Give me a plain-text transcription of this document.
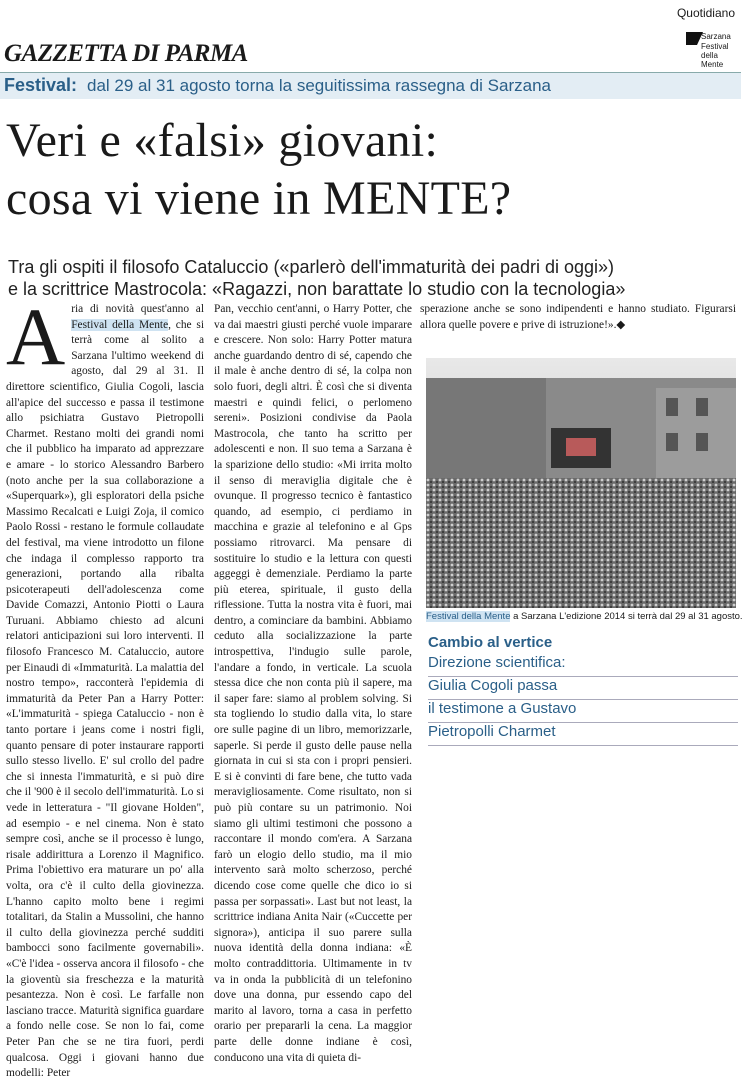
Quotidiano
GAZZETTA DI PARMA
Sarzana
Festival
della Mente
Festival: dal 29 al 31 agosto torna la seguitissima rassegna di Sarzana
Veri e «falsi» giovani:
cosa vi viene in MENTE?
Tra gli ospiti il filosofo Cataluccio («parlerò dell'immaturità dei padri di oggi»)
e la scrittrice Mastrocola: «Ragazzi, non barattate lo studio con la tecnologia»
Aria di novità quest'anno al Festival della Mente, che si terrà come al solito a Sarzana l'ultimo weekend di agosto, dal 29 al 31. Il direttore scientifico, Giulia Cogoli, lascia all'apice del successo e passa il testimone allo psichiatra Gustavo Pietropolli Charmet. Restano molti dei grandi nomi che il pubblico ha imparato ad apprezzare e amare - lo storico Alessandro Barbero (noto anche per la sua collaborazione a «Superquark»), gli esploratori della psiche Massimo Recalcati e Luigi Zoja, il comico Paolo Rossi - restano le formule collaudate del festival, ma viene introdotto un filone che indaga il complesso rapporto tra generazioni, portando alla ribalta psicoterapeuti dell'adolescenza come Davide Comazzi, Antonio Piotti o Laura Turuani. Abbiamo chiesto ad alcuni relatori anticipazioni sui loro interventi. Il filosofo Francesco M. Cataluccio, autore per Einaudi di «Immaturità. La malattia del nostro tempo», racconterà l'epidemia di immaturità da Peter Pan a Harry Potter: «L'immaturità - spiega Cataluccio - non è tanto portare i jeans come i nostri figli, quanto pensare di poter instaurare rapporti sullo stesso livello. E' sul crollo del padre che si innesta l'immaturità, e si può dire che il '900 è il secolo dell'immaturità. Lo si vede in letteratura - "Il giovane Holden", ad esempio - e nel cinema. Non è stato sempre così, anche se il processo è lungo, risale addirittura a Lorenzo il Magnifico. Prima l'obiettivo era maturare un po' alla volta, ora c'è il culto della giovinezza. L'hanno capito molto bene i regimi totalitari, da Stalin a Mussolini, che hanno il culto della giovinezza perché sudditi bambocci sono facilmente governabili». «C'è l'idea - osserva ancora il filosofo - che la gioventù sia freschezza e la maturità pesantezza. Non è così. Le farfalle non lasciano tracce. Maturità significa guardare a fondo nelle cose. Se non lo fai, come Peter Pan che se ne tira fuori, perdi qualcosa. Oggi i giovani hanno due modelli: Peter
Pan, vecchio cent'anni, o Harry Potter, che va dai maestri giusti perché vuole imparare e crescere. Non solo: Harry Potter matura anche guardando dentro di sé, capendo che il male è anche dentro di sé, la colpa non solo fuori, degli altri. È così che si diventa maestri e quindi felici, o perlomeno sereni». Posizioni condivise da Paola Mastrocola, che tanto ha scritto per adolescenti e non. Il suo tema a Sarzana è la sparizione dello studio: «Mi irrita molto il senso di meraviglia digitale che è ovunque. Il progresso tecnico è fantastico quando, ad esempio, ci perdiamo in macchina e grazie al telefonino e al Gps possiamo ritrovarci. Ma pensare di sostituire lo studio e la lettura con questi aggeggi è demenziale. Perdiamo la parte più eterea, spirituale, il gusto della riflessione. Tutta la nostra vita è fuori, mai dentro, a cominciare da bambini. Abbiamo ceduto alla socializzazione la parte introspettiva, l'indugio sulle parole, l'andare a fondo, in verticale. La scuola stessa dice che non conta più il sapere, ma il saper fare: siamo al problem solving. Si sta togliendo lo studio dalla vita, lo stare ore sulle pagine di un libro, memorizzarle, saperle. Si perde il gusto delle pause nella giornata in cui si sta con i propri pensieri. E si è convinti di fare bene, che tutto vada meravigliosamente. Come risultato, non si può più contare su un patrimonio. Noi siamo gli ultimi testimoni che possono a raccontare il mondo com'era. A Sarzana farò un elogio dello studio, ma il mio intervento sarà molto scherzoso, perché dicendo cose come quelle che dico io si passa per sorpassati». Last but not least, la scrittrice indiana Anita Nair («Cuccette per signora»), anticipa il suo parere sulla nuova identità della donna indiana: «È molto contraddittoria. Ultimamente in tv va in onda la pubblicità di un telefonino dove una donna, pur essendo capo del marito al lavoro, torna a casa in perfetto orario per prepararli la cena. La maggior parte delle donne indiane è così, conducono una vita di quieta di-
sperazione anche se sono indipendenti e hanno studiato. Figurarsi allora quelle povere e prive di istruzione!».◆
Festival della Mente a Sarzana L'edizione 2014 si terrà dal 29 al 31 agosto.
Cambio al vertice
Direzione scientifica:
Giulia Cogoli passa
il testimone a Gustavo
Pietropolli Charmet
